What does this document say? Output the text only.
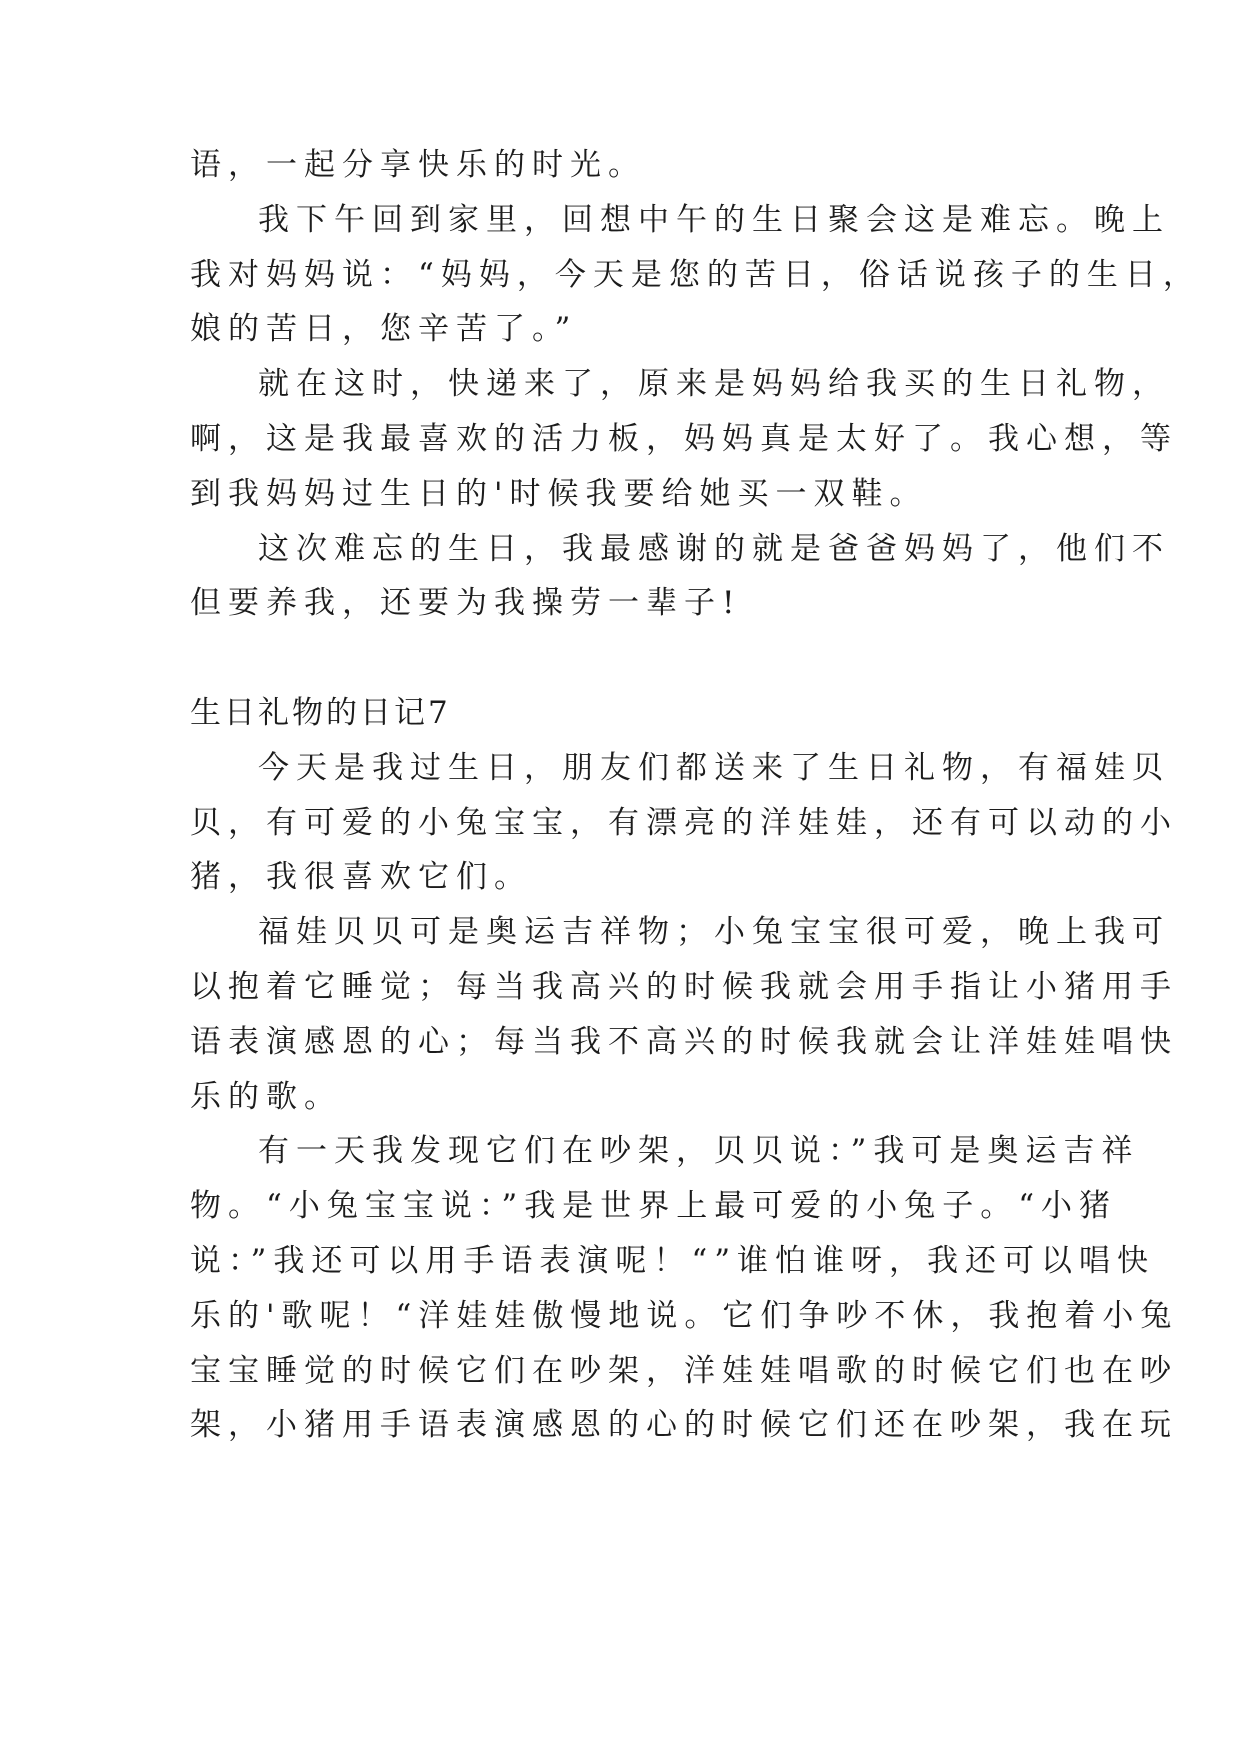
语，一起分享快乐的时光。
我下午回到家里，回想中午的生日聚会这是难忘。晚上
我对妈妈说：“妈妈，今天是您的苦日，俗话说孩子的生日，
娘的苦日，您辛苦了。”
就在这时，快递来了，原来是妈妈给我买的生日礼物，
啊，这是我最喜欢的活力板，妈妈真是太好了。我心想，等
到我妈妈过生日的'时候我要给她买一双鞋。
这次难忘的生日，我最感谢的就是爸爸妈妈了，他们不
但要养我，还要为我操劳一辈子!
生日礼物的日记7
今天是我过生日，朋友们都送来了生日礼物，有福娃贝
贝，有可爱的小兔宝宝，有漂亮的洋娃娃，还有可以动的小
猪，我很喜欢它们。
福娃贝贝可是奥运吉祥物；小兔宝宝很可爱，晚上我可
以抱着它睡觉；每当我高兴的时候我就会用手指让小猪用手
语表演感恩的心；每当我不高兴的时候我就会让洋娃娃唱快
乐的歌。
有一天我发现它们在吵架，贝贝说：”我可是奥运吉祥
物。“小兔宝宝说：”我是世界上最可爱的小兔子。“小猪
说：”我还可以用手语表演呢！“”谁怕谁呀，我还可以唱快
乐的'歌呢！“洋娃娃傲慢地说。它们争吵不休，我抱着小兔
宝宝睡觉的时候它们在吵架，洋娃娃唱歌的时候它们也在吵
架，小猪用手语表演感恩的心的时候它们还在吵架，我在玩
